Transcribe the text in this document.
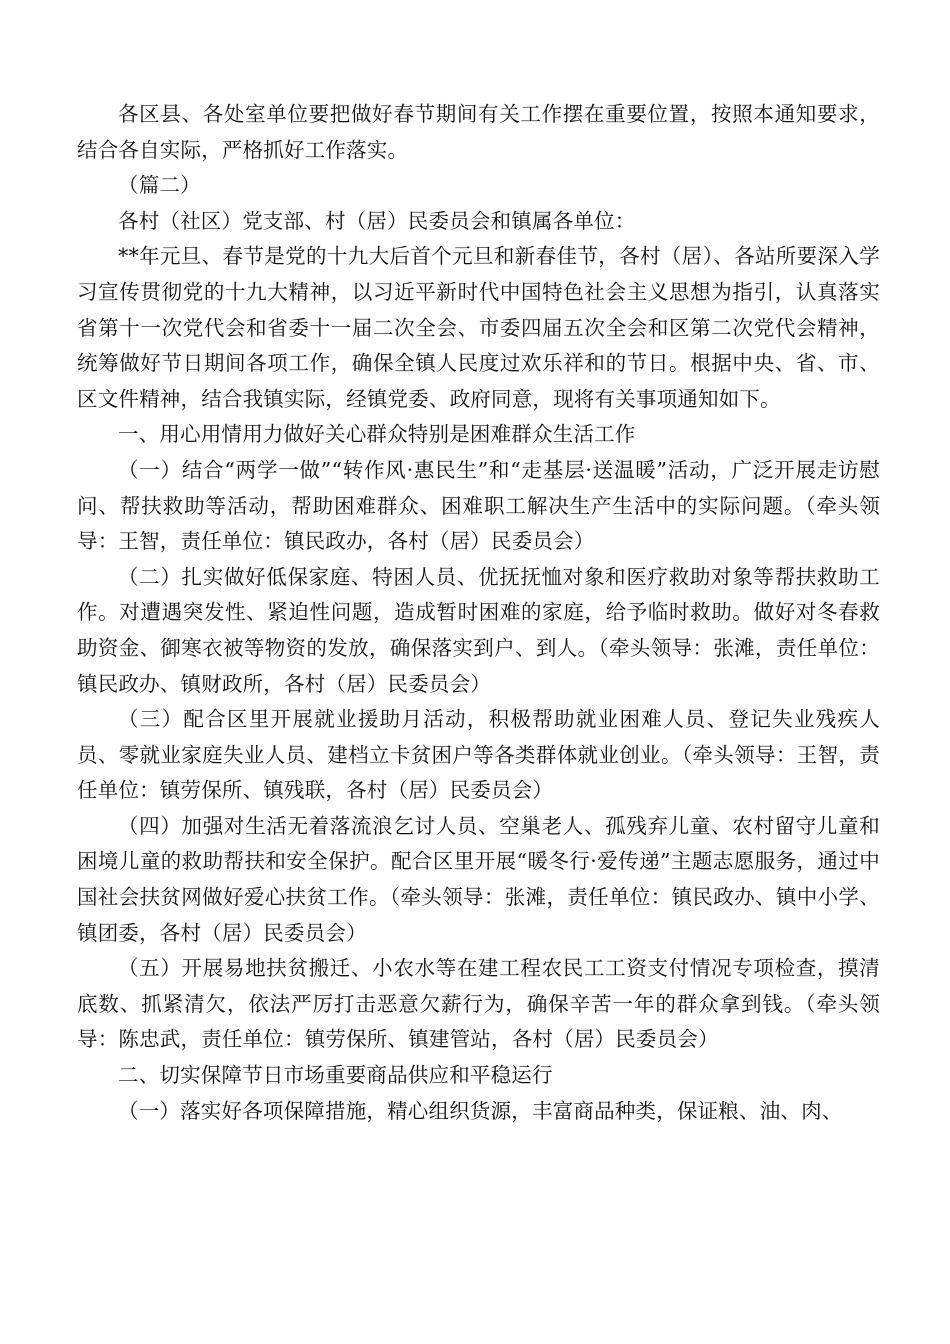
各区县、各处室单位要把做好春节期间有关工作摆在重要位置，按照本通知要求，结合各自实际，严格抓好工作落实。

（篇二）

各村（社区）党支部、村（居）民委员会和镇属各单位：

**年元旦、春节是党的十九大后首个元旦和新春佳节，各村（居）、各站所要深入学习宣传贯彻党的十九大精神，以习近平新时代中国特色社会主义思想为指引，认真落实省第十一次党代会和省委十一届二次全会、市委四届五次全会和区第二次党代会精神，统筹做好节日期间各项工作，确保全镇人民度过欢乐祥和的节日。根据中央、省、市、区文件精神，结合我镇实际，经镇党委、政府同意，现将有关事项通知如下。

一、用心用情用力做好关心群众特别是困难群众生活工作

（一）结合“两学一做”“转作风·惠民生”和“走基层·送温暖”活动，广泛开展走访慰问、帮扶救助等活动，帮助困难群众、困难职工解决生产生活中的实际问题。（牵头领导：王智，责任单位：镇民政办，各村（居）民委员会）

（二）扎实做好低保家庭、特困人员、优抚抚恤对象和医疗救助对象等帮扶救助工作。对遭遇突发性、紧迫性问题，造成暂时困难的家庭，给予临时救助。做好对冬春救助资金、御寒衣被等物资的发放，确保落实到户、到人。（牵头领导：张滩，责任单位：镇民政办、镇财政所，各村（居）民委员会）

（三）配合区里开展就业援助月活动，积极帮助就业困难人员、登记失业残疾人员、零就业家庭失业人员、建档立卡贫困户等各类群体就业创业。（牵头领导：王智，责任单位：镇劳保所、镇残联，各村（居）民委员会）

（四）加强对生活无着落流浪乞讨人员、空巢老人、孤残弃儿童、农村留守儿童和困境儿童的救助帮扶和安全保护。配合区里开展“暖冬行·爱传递”主题志愿服务，通过中国社会扶贫网做好爱心扶贫工作。（牵头领导：张滩，责任单位：镇民政办、镇中小学、镇团委，各村（居）民委员会）

（五）开展易地扶贫搬迁、小农水等在建工程农民工工资支付情况专项检查，摸清底数、抓紧清欠，依法严厉打击恶意欠薪行为，确保辛苦一年的群众拿到钱。（牵头领导：陈忠武，责任单位：镇劳保所、镇建管站，各村（居）民委员会）

二、切实保障节日市场重要商品供应和平稳运行

（一）落实好各项保障措施，精心组织货源，丰富商品种类，保证粮、油、肉、
